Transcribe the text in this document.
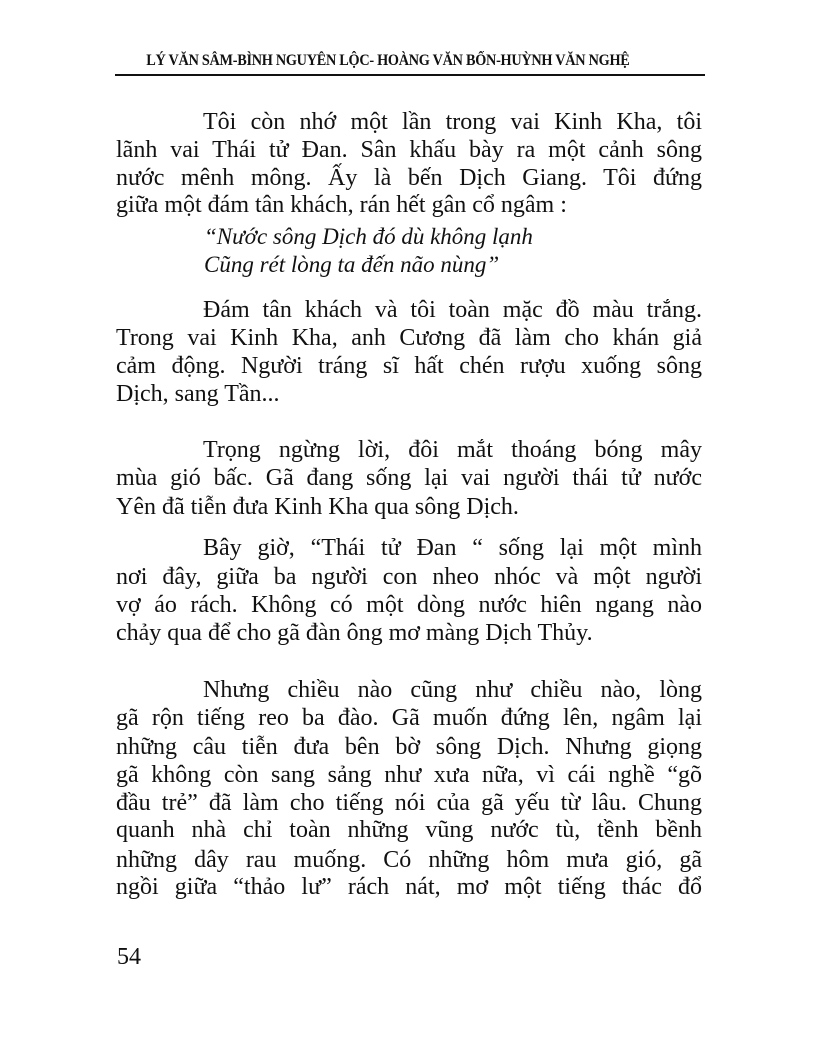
LÝ VĂN SÂM-BÌNH NGUYÊN LỘC- HOÀNG VĂN BỔN-HUỲNH VĂN NGHỆ
Tôi còn nhớ một lần trong vai Kinh Kha, tôi
lãnh vai Thái tử Đan. Sân khấu bày ra một cảnh sông
nước mênh mông. Ấy là bến Dịch Giang. Tôi đứng
giữa một đám tân khách, rán hết gân cổ ngâm :
Đám tân khách và tôi toàn mặc đồ màu trắng.
Trong vai Kinh Kha, anh Cương đã làm cho khán giả
cảm động. Người tráng sĩ hất chén rượu xuống sông
Dịch, sang Tần...
Trọng ngừng lời, đôi mắt thoáng bóng mây
mùa gió bấc. Gã đang sống lại vai người thái tử nước
Yên đã tiễn đưa Kinh Kha qua sông Dịch.
Bây giờ, “Thái tử Đan “ sống lại một mình
nơi đây, giữa ba người con nheo nhóc và một người
vợ áo rách. Không có một dòng nước hiên ngang nào
chảy qua để cho gã đàn ông mơ màng Dịch Thủy.
Nhưng chiều nào cũng như chiều nào, lòng
gã rộn tiếng reo ba đào. Gã muốn đứng lên, ngâm lại
những câu tiễn đưa bên bờ sông Dịch. Nhưng giọng
gã không còn sang sảng như xưa nữa, vì cái nghề “gõ
đầu trẻ” đã làm cho tiếng nói của gã yếu từ lâu. Chung
quanh nhà chỉ toàn những vũng nước tù, tềnh bềnh
những dây rau muống. Có những hôm mưa gió, gã
ngồi giữa “thảo lư” rách nát, mơ một tiếng thác đổ
“Nước sông Dịch đó dù không lạnh
Cũng rét lòng ta đến não nùng”
54
